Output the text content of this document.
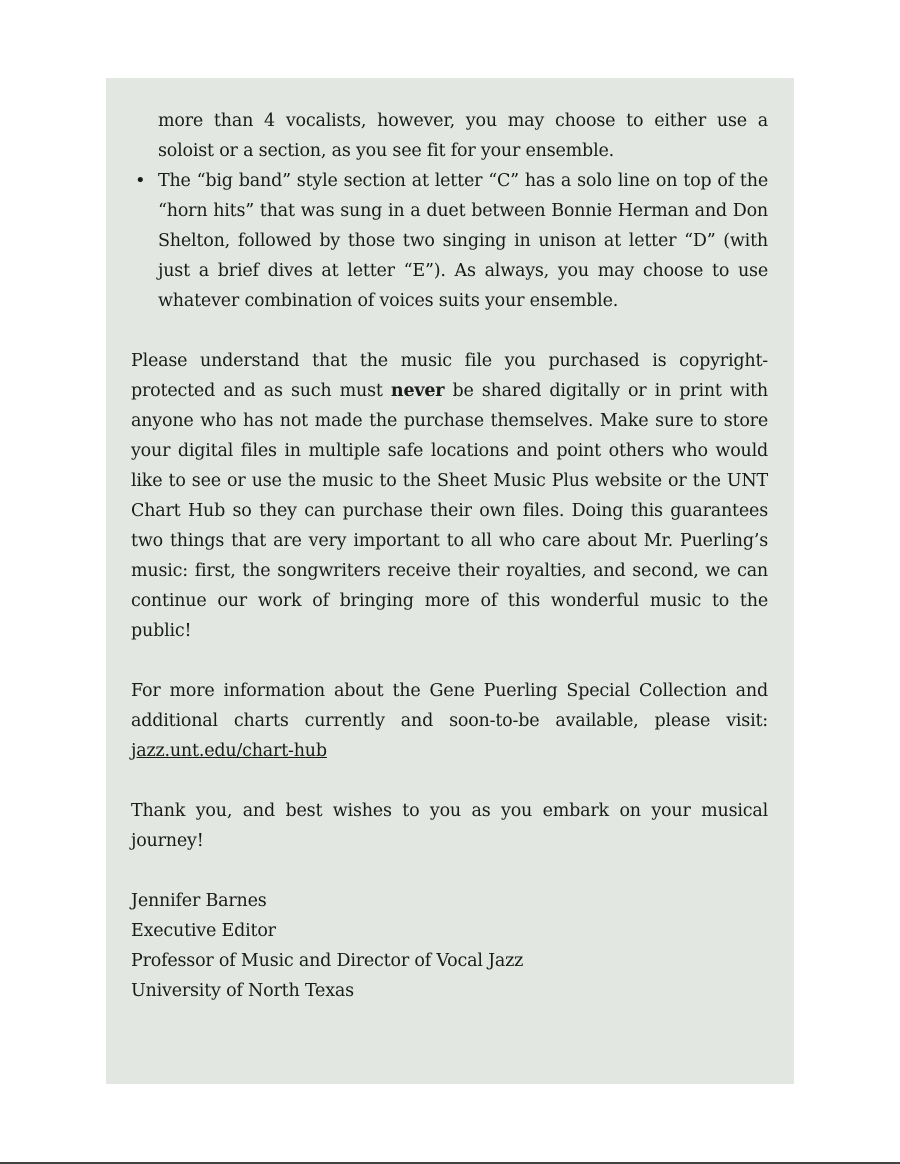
more than 4 vocalists, however, you may choose to either use a soloist or a section, as you see fit for your ensemble.
• The “big band” style section at letter “C” has a solo line on top of the “horn hits” that was sung in a duet between Bonnie Herman and Don Shelton, followed by those two singing in unison at letter “D” (with just a brief dives at letter “E”). As always, you may choose to use whatever combination of voices suits your ensemble.

Please understand that the music file you purchased is copyright-protected and as such must never be shared digitally or in print with anyone who has not made the purchase themselves. Make sure to store your digital files in multiple safe locations and point others who would like to see or use the music to the Sheet Music Plus website or the UNT Chart Hub so they can purchase their own files. Doing this guarantees two things that are very important to all who care about Mr. Puerling’s music: first, the songwriters receive their royalties, and second, we can continue our work of bringing more of this wonderful music to the public!

For more information about the Gene Puerling Special Collection and additional charts currently and soon-to-be available, please visit: jazz.unt.edu/chart-hub

Thank you, and best wishes to you as you embark on your musical journey!

Jennifer Barnes
Executive Editor
Professor of Music and Director of Vocal Jazz
University of North Texas
